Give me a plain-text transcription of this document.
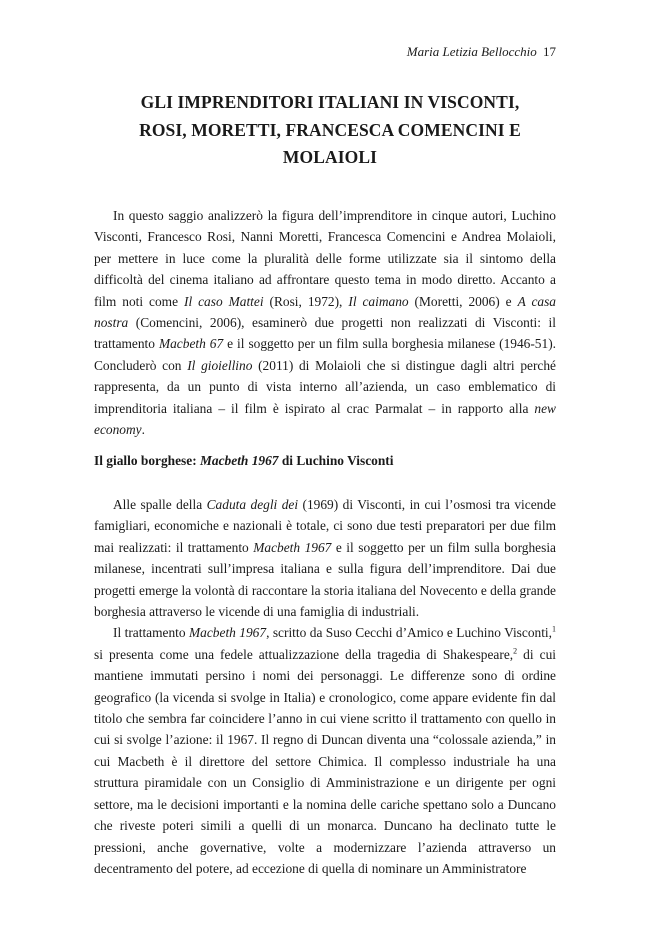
Maria Letizia Bellocchio 17
GLI IMPRENDITORI ITALIANI IN VISCONTI,
ROSI, MORETTI, FRANCESCA COMENCINI E
MOLAIOLI

In questo saggio analizzerò la figura dell’imprenditore in cinque autori, Luchino Visconti, Francesco Rosi, Nanni Moretti, Francesca Comencini e Andrea Molaioli, per mettere in luce come la pluralità delle forme utilizzate sia il sintomo della difficoltà del cinema italiano ad affrontare questo tema in modo diretto. Accanto a film noti come Il caso Mattei (Rosi, 1972), Il caimano (Moretti, 2006) e A casa nostra (Comencini, 2006), esaminerò due progetti non realizzati di Visconti: il trattamento Macbeth 67 e il soggetto per un film sulla borghesia milanese (1946-51). Concluderò con Il gioiellino (2011) di Molaioli che si distingue dagli altri perché rappresenta, da un punto di vista interno all’azienda, un caso emblematico di imprenditoria italiana – il film è ispirato al crac Parmalat – in rapporto alla new economy.

Il giallo borghese: Macbeth 1967 di Luchino Visconti

Alle spalle della Caduta degli dei (1969) di Visconti, in cui l’osmosi tra vicende famigliari, economiche e nazionali è totale, ci sono due testi preparatori per due film mai realizzati: il trattamento Macbeth 1967 e il soggetto per un film sulla borghesia milanese, incentrati sull’impresa italiana e sulla figura dell’imprenditore. Dai due progetti emerge la volontà di raccontare la storia italiana del Novecento e della grande borghesia attraverso le vicende di una famiglia di industriali.

Il trattamento Macbeth 1967, scritto da Suso Cecchi d’Amico e Luchino Visconti,$^1$ si presenta come una fedele attualizzazione della tragedia di Shakespeare,$^2$ di cui mantiene immutati persino i nomi dei personaggi. Le differenze sono di ordine geografico (la vicenda si svolge in Italia) e cronologico, come appare evidente fin dal titolo che sembra far coincidere l’anno in cui viene scritto il trattamento con quello in cui si svolge l’azione: il 1967. Il regno di Duncan diventa una “colossale azienda,” in cui Macbeth è il direttore del settore Chimica. Il complesso industriale ha una struttura piramidale con un Consiglio di Amministrazione e un dirigente per ogni settore, ma le decisioni importanti e la nomina delle cariche spettano solo a Duncano che riveste poteri simili a quelli di un monarca. Duncano ha declinato tutte le pressioni, anche governative, volte a modernizzare l’azienda attraverso un decentramento del potere, ad eccezione di quella di nominare un Amministratore
